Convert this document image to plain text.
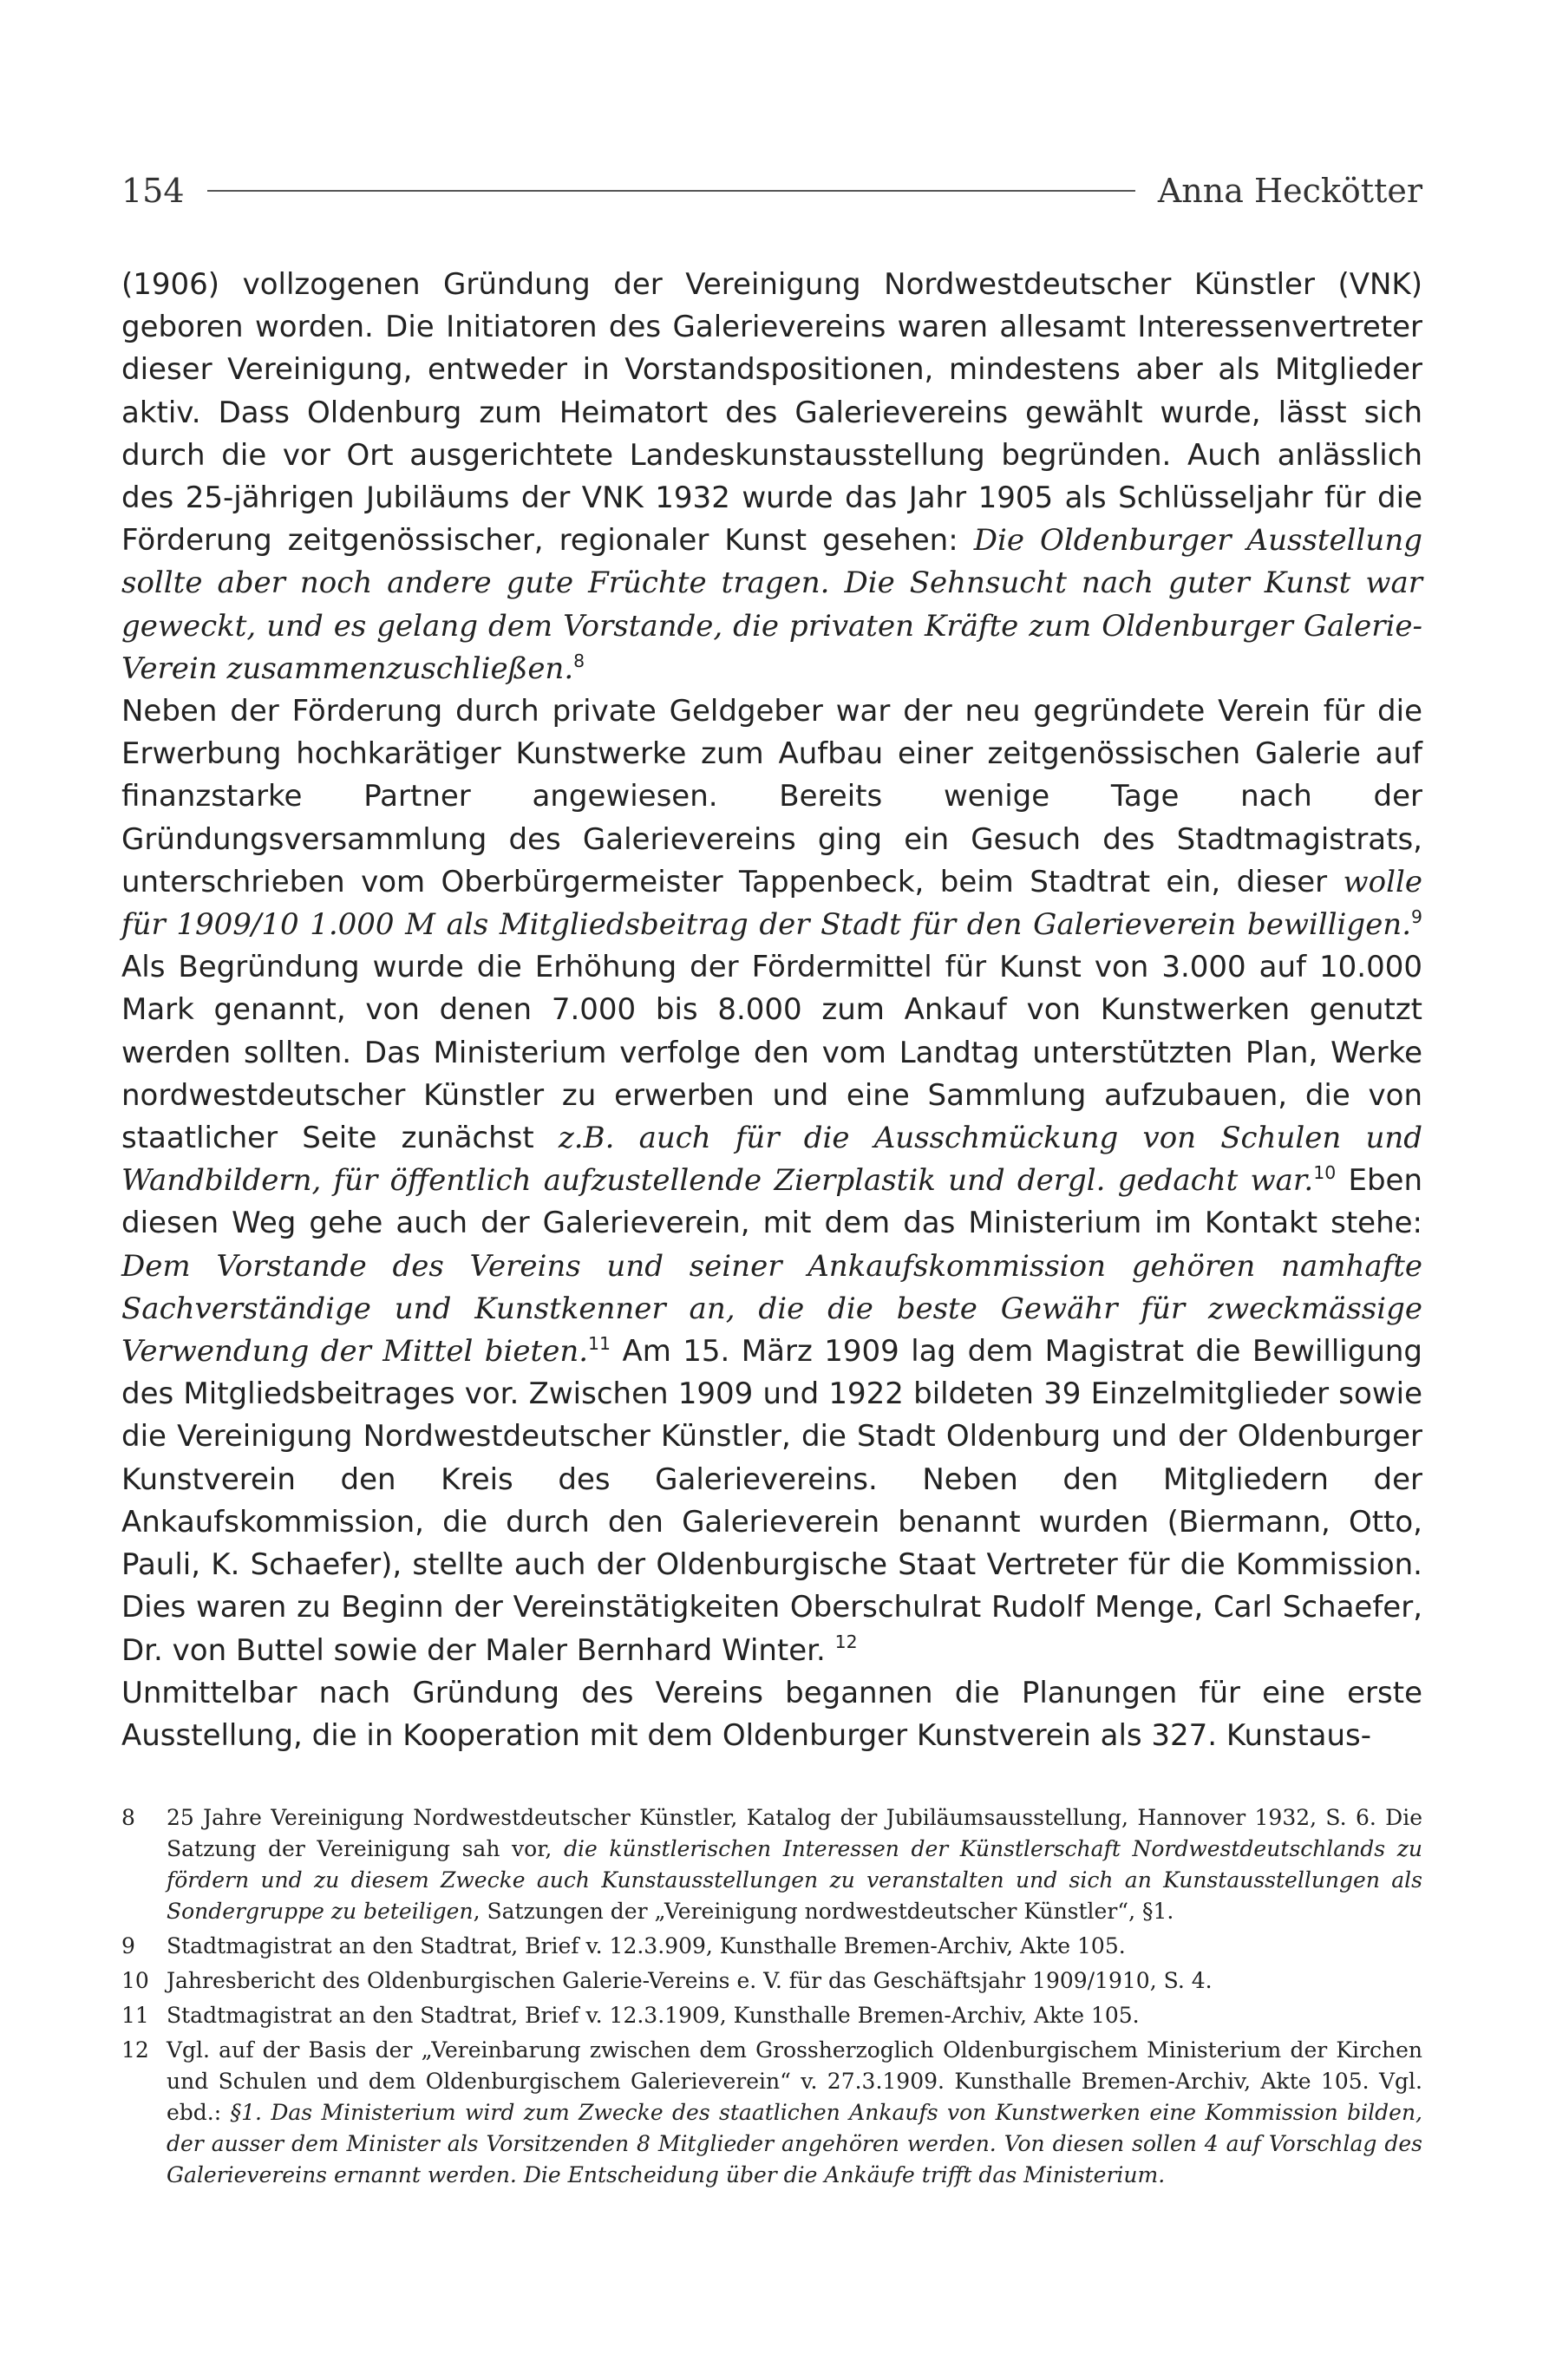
154	Anna Heckötter

(1906) vollzogenen Gründung der Vereinigung Nordwestdeutscher Künstler (VNK) geboren worden. Die Initiatoren des Galerievereins waren allesamt Interessenvertreter dieser Vereinigung, entweder in Vorstandspositionen, mindestens aber als Mitglieder aktiv. Dass Oldenburg zum Heimatort des Galerievereins gewählt wurde, lässt sich durch die vor Ort ausgerichtete Landeskunstausstellung begründen. Auch anlässlich des 25-jährigen Jubiläums der VNK 1932 wurde das Jahr 1905 als Schlüsseljahr für die Förderung zeitgenössischer, regionaler Kunst gesehen: Die Oldenburger Ausstellung sollte aber noch andere gute Früchte tragen. Die Sehnsucht nach guter Kunst war geweckt, und es gelang dem Vorstande, die privaten Kräfte zum Oldenburger Galerie-Verein zusammenzuschließen.$^8$

Neben der Förderung durch private Geldgeber war der neu gegründete Verein für die Erwerbung hochkarätiger Kunstwerke zum Aufbau einer zeitgenössischen Galerie auf finanzstarke Partner angewiesen. Bereits wenige Tage nach der Gründungsversammlung des Galerievereins ging ein Gesuch des Stadtmagistrats, unterschrieben vom Oberbürgermeister Tappenbeck, beim Stadtrat ein, dieser wolle für 1909/10 1.000 M als Mitgliedsbeitrag der Stadt für den Galerieverein bewilligen.$^9$ Als Begründung wurde die Erhöhung der Fördermittel für Kunst von 3.000 auf 10.000 Mark genannt, von denen 7.000 bis 8.000 zum Ankauf von Kunstwerken genutzt werden sollten. Das Ministerium verfolge den vom Landtag unterstützten Plan, Werke nordwestdeutscher Künstler zu erwerben und eine Sammlung aufzubauen, die von staatlicher Seite zunächst z.B. auch für die Ausschmückung von Schulen und Wandbildern, für öffentlich aufzustellende Zierplastik und dergl. gedacht war.$^{10}$ Eben diesen Weg gehe auch der Galerieverein, mit dem das Ministerium im Kontakt stehe: Dem Vorstande des Vereins und seiner Ankaufskommission gehören namhafte Sachverständige und Kunstkenner an, die die beste Gewähr für zweckmässige Verwendung der Mittel bieten.$^{11}$ Am 15. März 1909 lag dem Magistrat die Bewilligung des Mitgliedsbeitrages vor. Zwischen 1909 und 1922 bildeten 39 Einzelmitglieder sowie die Vereinigung Nordwestdeutscher Künstler, die Stadt Oldenburg und der Oldenburger Kunstverein den Kreis des Galerievereins. Neben den Mitgliedern der Ankaufskommission, die durch den Galerieverein benannt wurden (Biermann, Otto, Pauli, K. Schaefer), stellte auch der Oldenburgische Staat Vertreter für die Kommission. Dies waren zu Beginn der Vereinstätigkeiten Oberschulrat Rudolf Menge, Carl Schaefer, Dr. von Buttel sowie der Maler Bernhard Winter. $^{12}$

Unmittelbar nach Gründung des Vereins begannen die Planungen für eine erste Ausstellung, die in Kooperation mit dem Oldenburger Kunstverein als 327. Kunstaus-

8	25 Jahre Vereinigung Nordwestdeutscher Künstler, Katalog der Jubiläumsausstellung, Hannover 1932, S. 6. Die Satzung der Vereinigung sah vor, die künstlerischen Interessen der Künstlerschaft Nordwestdeutschlands zu fördern und zu diesem Zwecke auch Kunstausstellungen zu veranstalten und sich an Kunstausstellungen als Sondergruppe zu beteiligen, Satzungen der „Vereinigung nordwestdeutscher Künstler“, §1.
9	Stadtmagistrat an den Stadtrat, Brief v. 12.3.909, Kunsthalle Bremen-Archiv, Akte 105.
10 Jahresbericht des Oldenburgischen Galerie-Vereins e. V. für das Geschäftsjahr 1909/1910, S. 4.
11 Stadtmagistrat an den Stadtrat, Brief v. 12.3.1909, Kunsthalle Bremen-Archiv, Akte 105.
12 Vgl. auf der Basis der „Vereinbarung zwischen dem Grossherzoglich Oldenburgischem Ministerium der Kirchen und Schulen und dem Oldenburgischem Galerieverein“ v. 27.3.1909. Kunsthalle Bremen-Archiv, Akte 105. Vgl. ebd.: §1. Das Ministerium wird zum Zwecke des staatlichen Ankaufs von Kunstwerken eine Kommission bilden, der ausser dem Minister als Vorsitzenden 8 Mitglieder angehören werden. Von diesen sollen 4 auf Vorschlag des Galerievereins ernannt werden. Die Entscheidung über die Ankäufe trifft das Ministerium.
